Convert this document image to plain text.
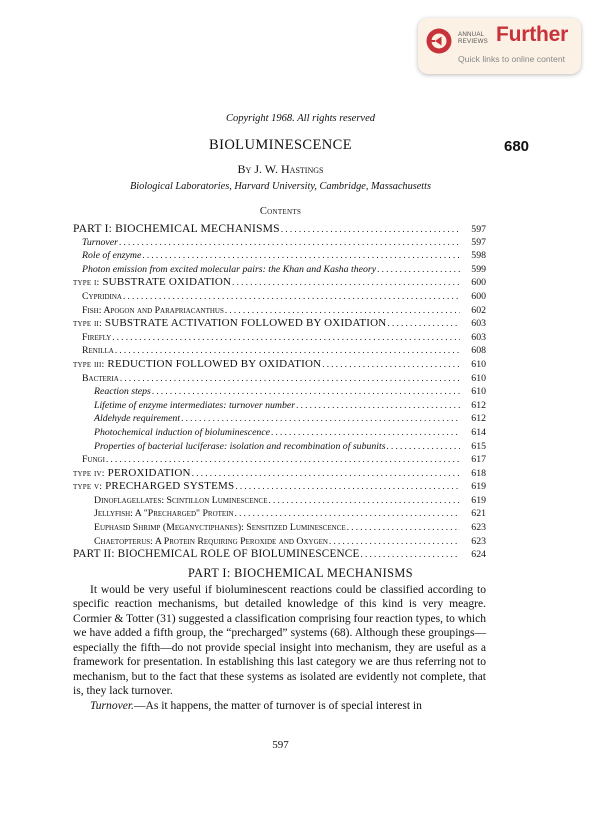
ANNUAL
REVIEWS Further
Quick links to online content
Copyright 1968. All rights reserved
BIOLUMINESCENCE	680
By J. W. Hastings
Biological Laboratories, Harvard University, Cambridge, Massachusetts
Contents
PART I: BIOCHEMICAL MECHANISMS . . .	597
Turnover . . .	597
Role of enzyme . . .	598
Photon emission from excited molecular pairs: the Khan and Kasha theory . . .	599
type i: SUBSTRATE OXIDATION . . .	600
Cypridina . . .	600
Fish: Apogon and Parapriacanthus . . .	602
type ii: SUBSTRATE ACTIVATION FOLLOWED BY OXIDATION . . .	603
Firefly . . .	603
Renilla . . .	608
type iii: REDUCTION FOLLOWED BY OXIDATION . . .	610
Bacteria . . .	610
Reaction steps . . .	610
Lifetime of enzyme intermediates: turnover number . . .	612
Aldehyde requirement . . .	612
Photochemical induction of bioluminescence . . .	614
Properties of bacterial luciferase: isolation and recombination of subunits . . .	615
Fungi . . .	617
type iv: PEROXIDATION . . .	618
type v: PRECHARGED SYSTEMS . . .	619
Dinoflagellates: Scintillon Luminescence . . .	619
Jellyfish: A "Precharged" Protein . . .	621
Euphasid Shrimp (Meganyctiphanes): Sensitized Luminescence . . .	623
Chaetopterus: A Protein Requiring Peroxide and Oxygen . . .	623
PART II: BIOCHEMICAL ROLE OF BIOLUMINESCENCE . . .	624
PART I: BIOCHEMICAL MECHANISMS

It would be very useful if bioluminescent reactions could be classified according to specific reaction mechanisms, but detailed knowledge of this kind is very meagre. Cormier & Totter (31) suggested a classification comprising four reaction types, to which we have added a fifth group, the “precharged” systems (68). Although these groupings—especially the fifth—do not provide special insight into mechanism, they are useful as a framework for presentation. In establishing this last category we are thus referring not to mechanism, but to the fact that these systems as isolated are evidently not complete, that is, they lack turnover.

Turnover.—As it happens, the matter of turnover is of special interest in

597
